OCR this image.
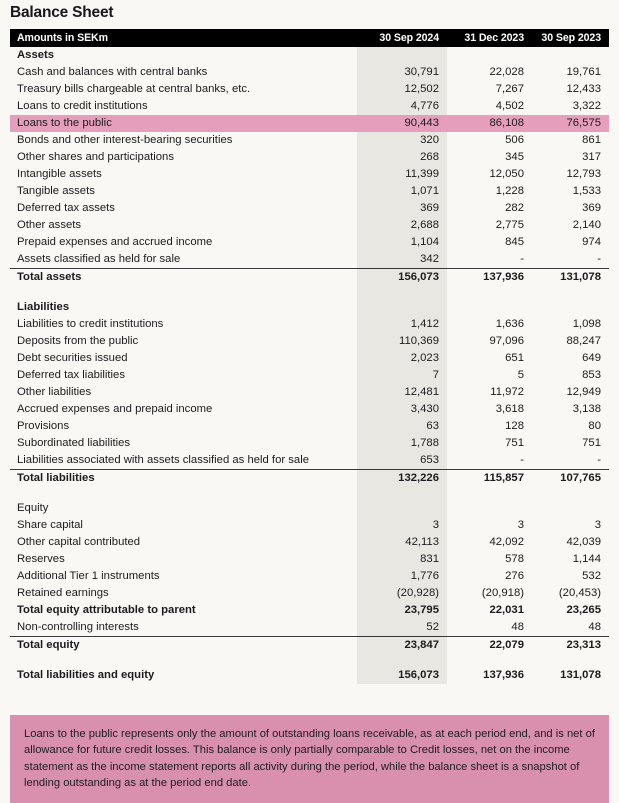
Balance Sheet
Amounts in SEKm	30 Sep 2024	31 Dec 2023	30 Sep 2023
Assets			
Cash and balances with central banks	30,791	22,028	19,761
Treasury bills chargeable at central banks, etc.	12,502	7,267	12,433
Loans to credit institutions	4,776	4,502	3,322
Loans to the public	90,443	86,108	76,575
Bonds and other interest-bearing securities	320	506	861
Other shares and participations	268	345	317
Intangible assets	11,399	12,050	12,793
Tangible assets	1,071	1,228	1,533
Deferred tax assets	369	282	369
Other assets	2,688	2,775	2,140
Prepaid expenses and accrued income	1,104	845	974
Assets classified as held for sale	342	-	-
Total assets	156,073	137,936	131,078

Liabilities			
Liabilities to credit institutions	1,412	1,636	1,098
Deposits from the public	110,369	97,096	88,247
Debt securities issued	2,023	651	649
Deferred tax liabilities	7	5	853
Other liabilities	12,481	11,972	12,949
Accrued expenses and prepaid income	3,430	3,618	3,138
Provisions	63	128	80
Subordinated liabilities	1,788	751	751
Liabilities associated with assets classified as held for sale	653	-	-
Total liabilities	132,226	115,857	107,765

Equity			
Share capital	3	3	3
Other capital contributed	42,113	42,092	42,039
Reserves	831	578	1,144
Additional Tier 1 instruments	1,776	276	532
Retained earnings	(20,928)	(20,918)	(20,453)
Total equity attributable to parent	23,795	22,031	23,265
Non-controlling interests	52	48	48
Total equity	23,847	22,079	23,313

Total liabilities and equity	156,073	137,936	131,078
Loans to the public represents only the amount of outstanding loans receivable, as at each period end, and is net of allowance for future credit losses. This balance is only partially comparable to Credit losses, net on the income statement as the income statement reports all activity during the period, while the balance sheet is a snapshot of lending outstanding as at the period end date.
